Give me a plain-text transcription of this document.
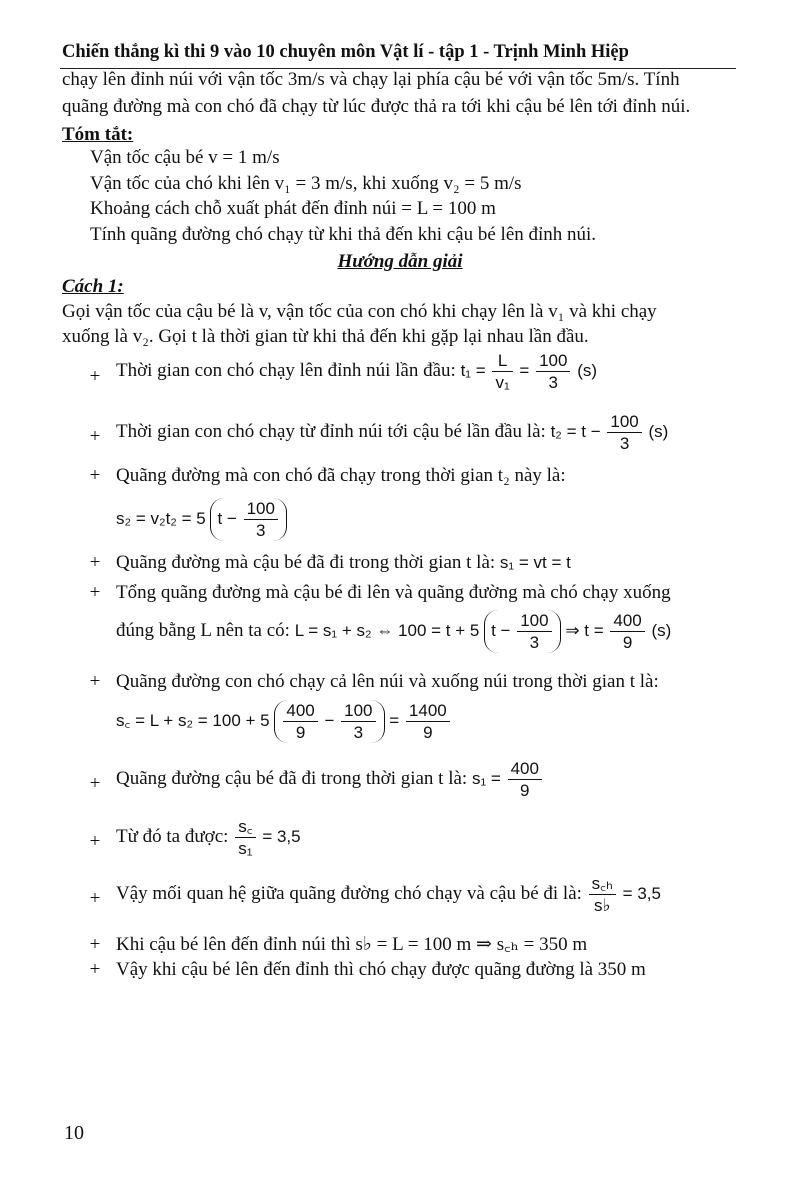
Chiến thắng kì thi 9 vào 10 chuyên môn Vật lí - tập 1 - Trịnh Minh Hiệp
chạy lên đỉnh núi với vận tốc 3m/s và chạy lại phía cậu bé với vận tốc 5m/s. Tính
quãng đường mà con chó đã chạy từ lúc được thả ra tới khi cậu bé lên tới đỉnh núi.
Tóm tắt:
Vận tốc cậu bé v = 1 m/s
Vận tốc của chó khi lên v₁ = 3 m/s, khi xuống v₂ = 5 m/s
Khoảng cách chỗ xuất phát đến đỉnh núi = L = 100 m
Tính quãng đường chó chạy từ khi thả đến khi cậu bé lên đỉnh núi.
Hướng dẫn giải
Cách 1:
Gọi vận tốc của cậu bé là v, vận tốc của con chó khi chạy lên là v₁ và khi chạy
xuống là v₂. Gọi t là thời gian từ khi thả đến khi gặp lại nhau lần đầu.
+ Thời gian con chó chạy lên đỉnh núi lần đầu: $t_1 = \frac{L}{\text{v₁}} = \frac{100}{3} (s)$
+ Thời gian con chó chạy từ đỉnh núi tới cậu bé lần đầu là: $t_2 = t - \frac{100}{3} (s)$
+ Quãng đường mà con chó đã chạy trong thời gian t₂ này là:
s₂ = v₂t₂ = 5 $t - \frac{100}{3}$
+ Quãng đường mà cậu bé đã đi trong thời gian t là: s₁ = vt = t
+ Tổng quãng đường mà cậu bé đi lên và quãng đường mà chó chạy xuống
đúng bằng L nên ta có: L = s₁ + s₂ ⇔ 100 = t + 5 $t - \frac{100}{3}$ ⇒ $t = \frac{400}{9} (s)$
+ Quãng đường con chó chạy cả lên núi và xuống núi trong thời gian t là:
s꜀ = $L + s_2 = 100 + 5 \frac{400}{9} - \frac{100}{3} = \frac{1400}{9}$
+ Quãng đường cậu bé đã đi trong thời gian t là: $s_1 = \frac{400}{9}$
+ Từ đó ta được: $\frac{s꜀}{\text{s₁}} = 3,5$
+ Vậy mối quan hệ giữa quãng đường chó chạy và cậu bé đi là: $\frac{\text{s꜀ₕ}}{s♭} = 3,5$
+ Khi cậu bé lên đến đỉnh núi thì s♭ = L = 100 m ⇒ s꜀ₕ = 350 m
+ Vậy khi cậu bé lên đến đỉnh thì chó chạy được quãng đường là 350 m
10
